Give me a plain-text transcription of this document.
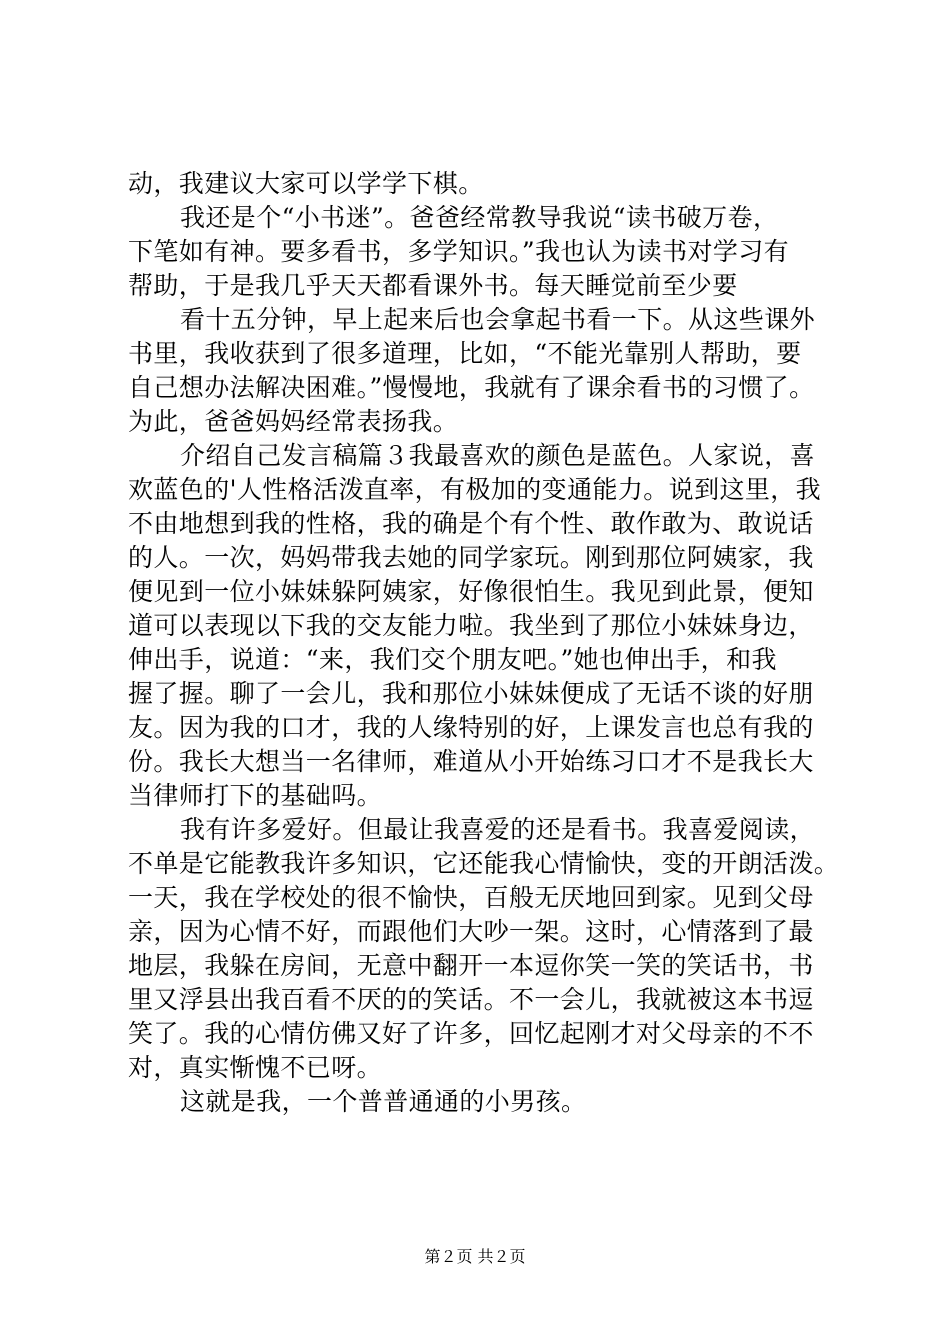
动，我建议大家可以学学下棋。
我还是个“小书迷”。爸爸经常教导我说“读书破万卷，
下笔如有神。要多看书，多学知识。”我也认为读书对学习有
帮助，于是我几乎天天都看课外书。每天睡觉前至少要
看十五分钟，早上起来后也会拿起书看一下。从这些课外
书里，我收获到了很多道理，比如，“不能光靠别人帮助，要
自己想办法解决困难。”慢慢地，我就有了课余看书的习惯了。
为此，爸爸妈妈经常表扬我。
介绍自己发言稿篇３我最喜欢的颜色是蓝色。人家说，喜
欢蓝色的'人性格活泼直率，有极加的变通能力。说到这里，我
不由地想到我的性格，我的确是个有个性、敢作敢为、敢说话
的人。一次，妈妈带我去她的同学家玩。刚到那位阿姨家，我
便见到一位小妹妹躲阿姨家，好像很怕生。我见到此景，便知
道可以表现以下我的交友能力啦。我坐到了那位小妹妹身边，
伸出手，说道：“来，我们交个朋友吧。”她也伸出手，和我
握了握。聊了一会儿，我和那位小妹妹便成了无话不谈的好朋
友。因为我的口才，我的人缘特别的好，上课发言也总有我的
份。我长大想当一名律师，难道从小开始练习口才不是我长大
当律师打下的基础吗。
我有许多爱好。但最让我喜爱的还是看书。我喜爱阅读，
不单是它能教我许多知识，它还能我心情愉快，变的开朗活泼。
一天，我在学校处的很不愉快，百般无厌地回到家。见到父母
亲，因为心情不好，而跟他们大吵一架。这时，心情落到了最
地层，我躲在房间，无意中翻开一本逗你笑一笑的笑话书，书
里又浮县出我百看不厌的的笑话。不一会儿，我就被这本书逗
笑了。我的心情仿佛又好了许多，回忆起刚才对父母亲的不不
对，真实惭愧不已呀。
这就是我，一个普普通通的小男孩。
第２页 共２页
